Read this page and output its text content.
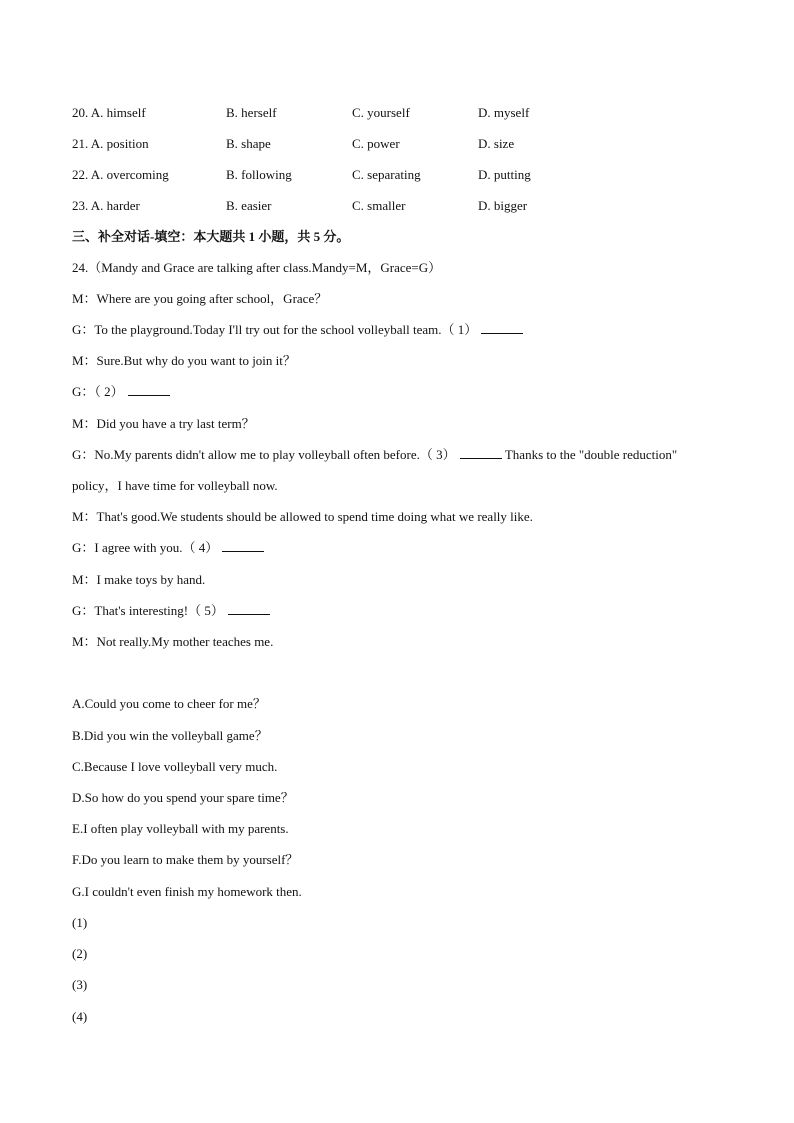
20. A. himself	B. herself	C. yourself	D. myself
21. A. position	B. shape	C. power	D. size
22. A. overcoming	B. following	C. separating	D. putting
23. A. harder	B. easier	C. smaller	D. bigger
三、补全对话-填空：本大题共 1 小题，共 5 分。
24.（Mandy and Grace are talking after class.Mandy=M，Grace=G）
M：Where are you going after school，Grace？
G：To the playground.Today I'll try out for the school volleyball team.（ 1）
M：Sure.But why do you want to join it？
G：（ 2）
M：Did you have a try last term？
G：No.My parents didn't allow me to play volleyball often before.（ 3）	Thanks to the "double reduction"
policy，I have time for volleyball now.
M：That's good.We students should be allowed to spend time doing what we really like.
G：I agree with you.（ 4）
M：I make toys by hand.
G：That's interesting!（ 5）
M：Not really.My mother teaches me.
A.Could you come to cheer for me？
B.Did you win the volleyball game？
C.Because I love volleyball very much.
D.So how do you spend your spare time？
E.I often play volleyball with my parents.
F.Do you learn to make them by yourself？
G.I couldn't even finish my homework then.
(1)
(2)
(3)
(4)
